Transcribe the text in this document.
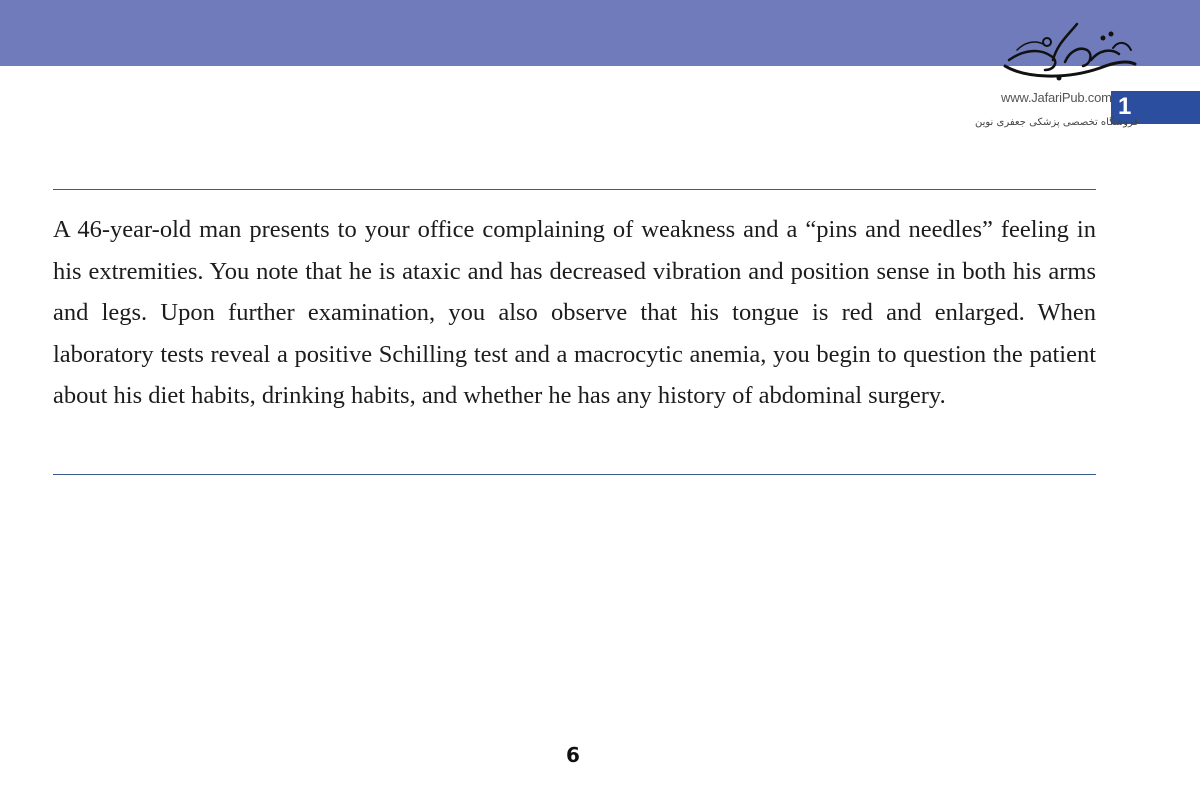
1
www.JafariPub.com
فروشگاه تخصصی پزشکی جعفری نوین

A 46-year-old man presents to your office complaining of weakness and a “pins and needles” feeling in his extremities. You note that he is ataxic and has decreased vibration and position sense in both his arms and legs. Upon further examination, you also observe that his tongue is red and enlarged. When laboratory tests reveal a positive Schilling test and a macrocytic anemia, you begin to question the patient about his diet habits, drinking habits, and whether he has any history of abdominal surgery.

6
